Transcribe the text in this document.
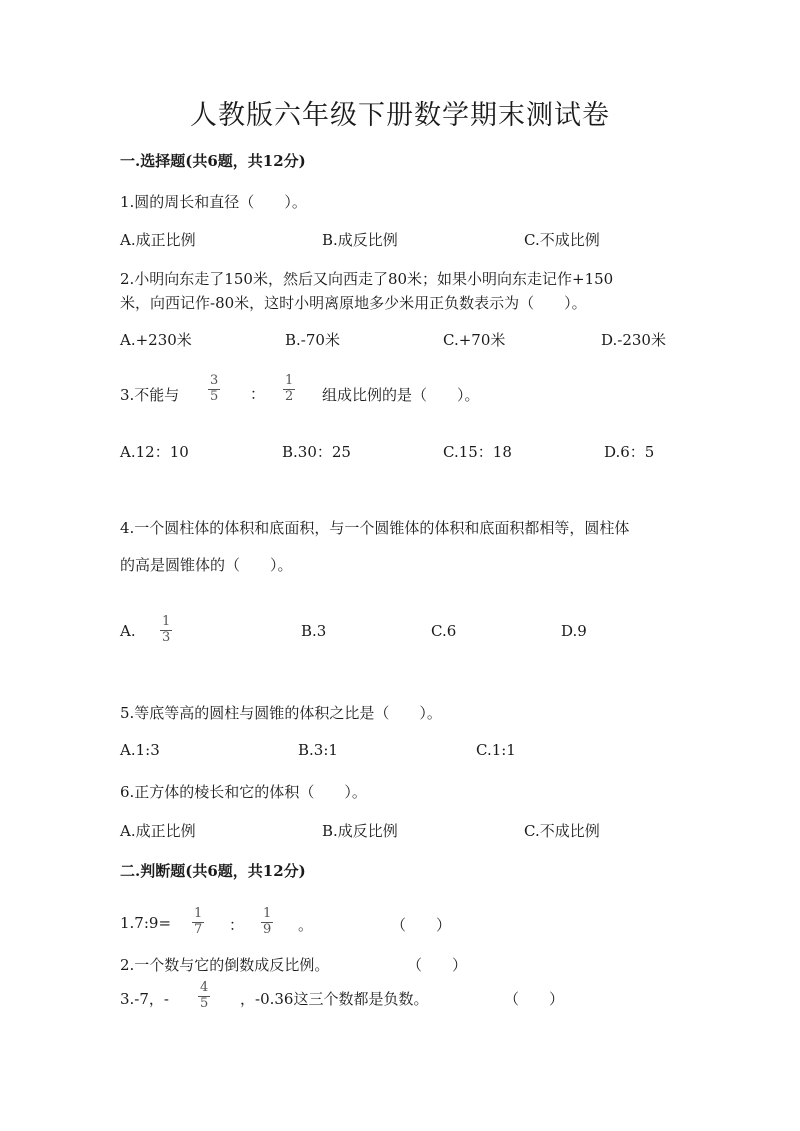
人教版六年级下册数学期末测试卷
一.选择题(共6题，共12分)
1.圆的周长和直径（　　）。
A.成正比例	B.成反比例	C.不成比例
2.小明向东走了150米，然后又向西走了80米；如果小明向东走记作+150
米，向西记作-80米，这时小明离原地多少米用正负数表示为（　　）。
A.+230米	B.-70米	C.+70米	D.-230米
3.不能与 $\frac{3}{5}$ ： $\frac{1}{2}$ 组成比例的是（　　）。
A.12：10	B.30：25	C.15：18	D.6：5
4.一个圆柱体的体积和底面积，与一个圆锥体的体积和底面积都相等，圆柱体
的高是圆锥体的（　　）。
A. $\frac{1}{3}$	B.3	C.6	D.9
5.等底等高的圆柱与圆锥的体积之比是（　　）。
A.1:3	B.3:1	C.1:1
6.正方体的棱长和它的体积（　　）。
A.成正比例	B.成反比例	C.不成比例
二.判断题(共6题，共12分)
1.7:9= $\frac{1}{7}$ ： $\frac{1}{9}$ 。	（　　）
2.一个数与它的倒数成反比例。	（　　）
3.-7，- $\frac{4}{5}$ ，-0.36这三个数都是负数。	（　　）
